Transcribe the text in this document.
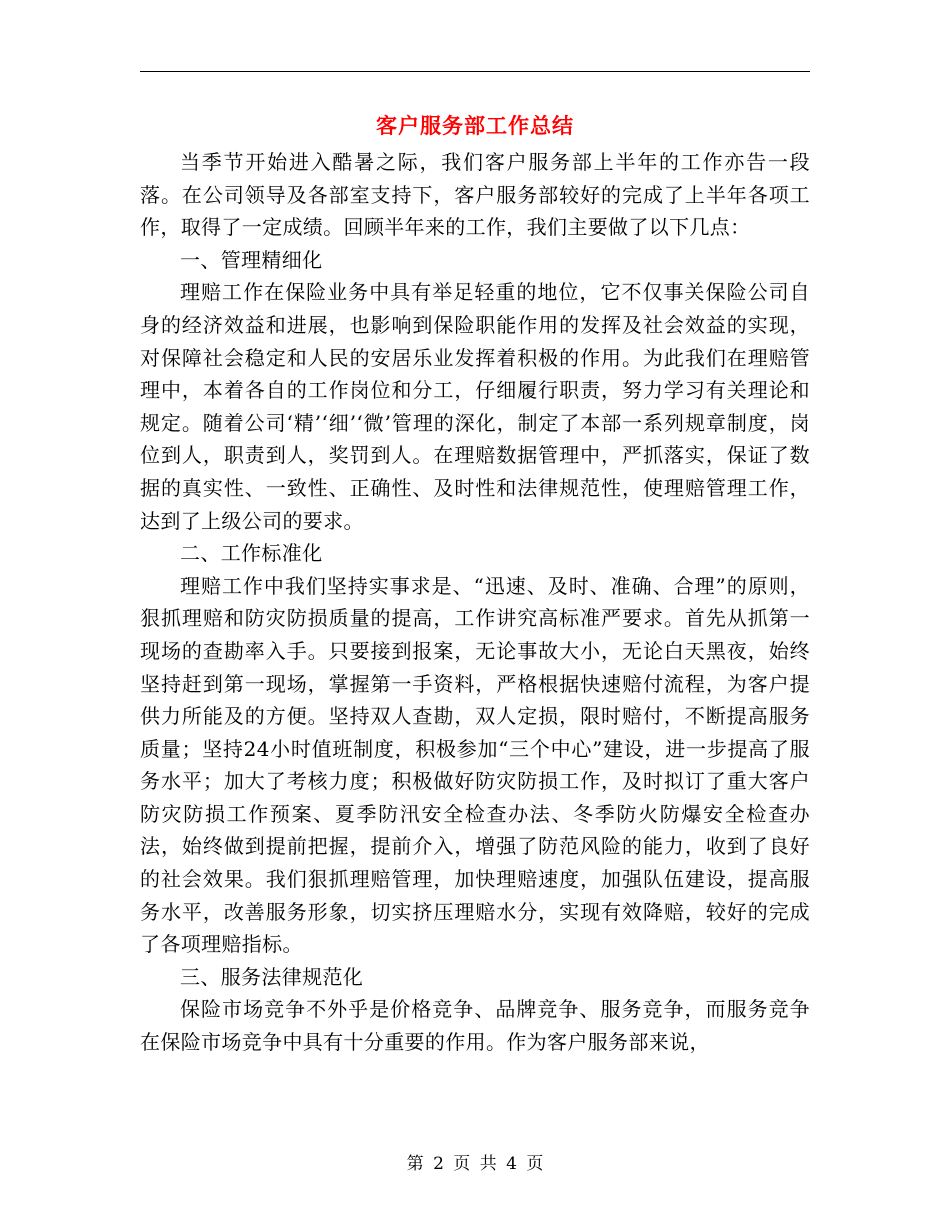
客户服务部工作总结

当季节开始进入酷暑之际，我们客户服务部上半年的工作亦告一段落。在公司领导及各部室支持下，客户服务部较好的完成了上半年各项工作，取得了一定成绩。回顾半年来的工作，我们主要做了以下几点：

一、管理精细化

理赔工作在保险业务中具有举足轻重的地位，它不仅事关保险公司自身的经济效益和进展，也影响到保险职能作用的发挥及社会效益的实现，对保障社会稳定和人民的安居乐业发挥着积极的作用。为此我们在理赔管理中，本着各自的工作岗位和分工，仔细履行职责，努力学习有关理论和规定。随着公司‘精’‘细’‘微’管理的深化，制定了本部一系列规章制度，岗位到人，职责到人，奖罚到人。在理赔数据管理中，严抓落实，保证了数据的真实性、一致性、正确性、及时性和法律规范性，使理赔管理工作，达到了上级公司的要求。

二、工作标准化

理赔工作中我们坚持实事求是、“迅速、及时、准确、合理”的原则，狠抓理赔和防灾防损质量的提高，工作讲究高标准严要求。首先从抓第一现场的查勘率入手。只要接到报案，无论事故大小，无论白天黑夜，始终坚持赶到第一现场，掌握第一手资料，严格根据快速赔付流程，为客户提供力所能及的方便。坚持双人查勘，双人定损，限时赔付，不断提高服务质量；坚持24小时值班制度，积极参加“三个中心”建设，进一步提高了服务水平；加大了考核力度；积极做好防灾防损工作，及时拟订了重大客户防灾防损工作预案、夏季防汛安全检查办法、冬季防火防爆安全检查办法，始终做到提前把握，提前介入，增强了防范风险的能力，收到了良好的社会效果。我们狠抓理赔管理，加快理赔速度，加强队伍建设，提高服务水平，改善服务形象，切实挤压理赔水分，实现有效降赔，较好的完成了各项理赔指标。

三、服务法律规范化

保险市场竞争不外乎是价格竞争、品牌竞争、服务竞争，而服务竞争在保险市场竞争中具有十分重要的作用。作为客户服务部来说，

第 2 页 共 4 页
